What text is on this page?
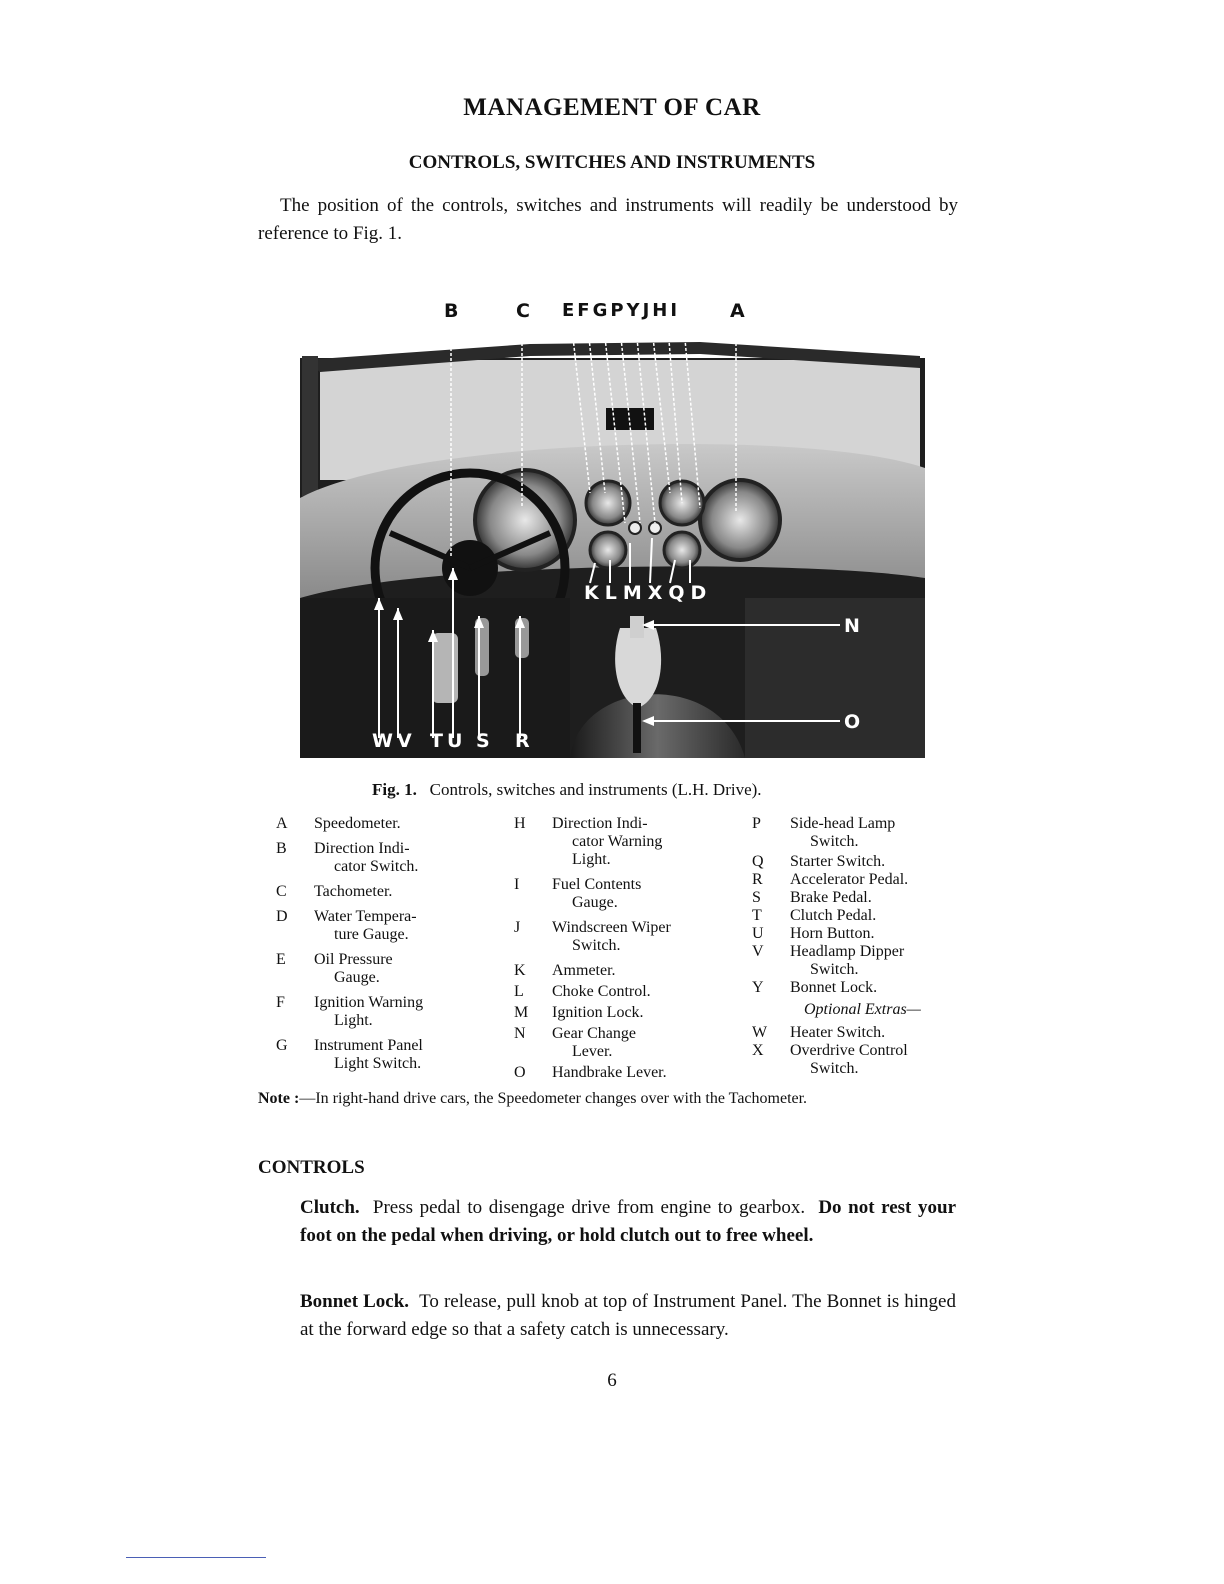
MANAGEMENT OF CAR
CONTROLS, SWITCHES AND INSTRUMENTS

The position of the controls, switches and instruments will readily be understood by reference to Fig. 1.

B	C EFGPYJHI	A
KLMXQD
N
O
WV TU S R

Fig. 1. Controls, switches and instruments (L.H. Drive).

A	Speedometer.
B	Direction Indi-
cator Switch.
C	Tachometer.
D	Water Tempera-
ture Gauge.
E	Oil Pressure
Gauge.
F	Ignition Warning
Light.
G	Instrument Panel
Light Switch.
H	Direction Indi-
cator Warning
Light.
I	Fuel Contents
Gauge.
J	Windscreen Wiper
Switch.
K	Ammeter.
L	Choke Control.
M	Ignition Lock.
N	Gear Change
Lever.
O	Handbrake Lever.
P	Side-head Lamp
Switch.
Q	Starter Switch.
R	Accelerator Pedal.
S	Brake Pedal.
T	Clutch Pedal.
U	Horn Button.
V	Headlamp Dipper
Switch.
Y	Bonnet Lock.
Optional Extras—
W	Heater Switch.
X	Overdrive Control
Switch.

Note :—In right-hand drive cars, the Speedometer changes over with the Tachometer.

CONTROLS

Clutch. Press pedal to disengage drive from engine to gearbox. Do not rest your foot on the pedal when driving, or hold clutch out to free wheel.

Bonnet Lock. To release, pull knob at top of Instrument Panel. The Bonnet is hinged at the forward edge so that a safety catch is unnecessary.

6
